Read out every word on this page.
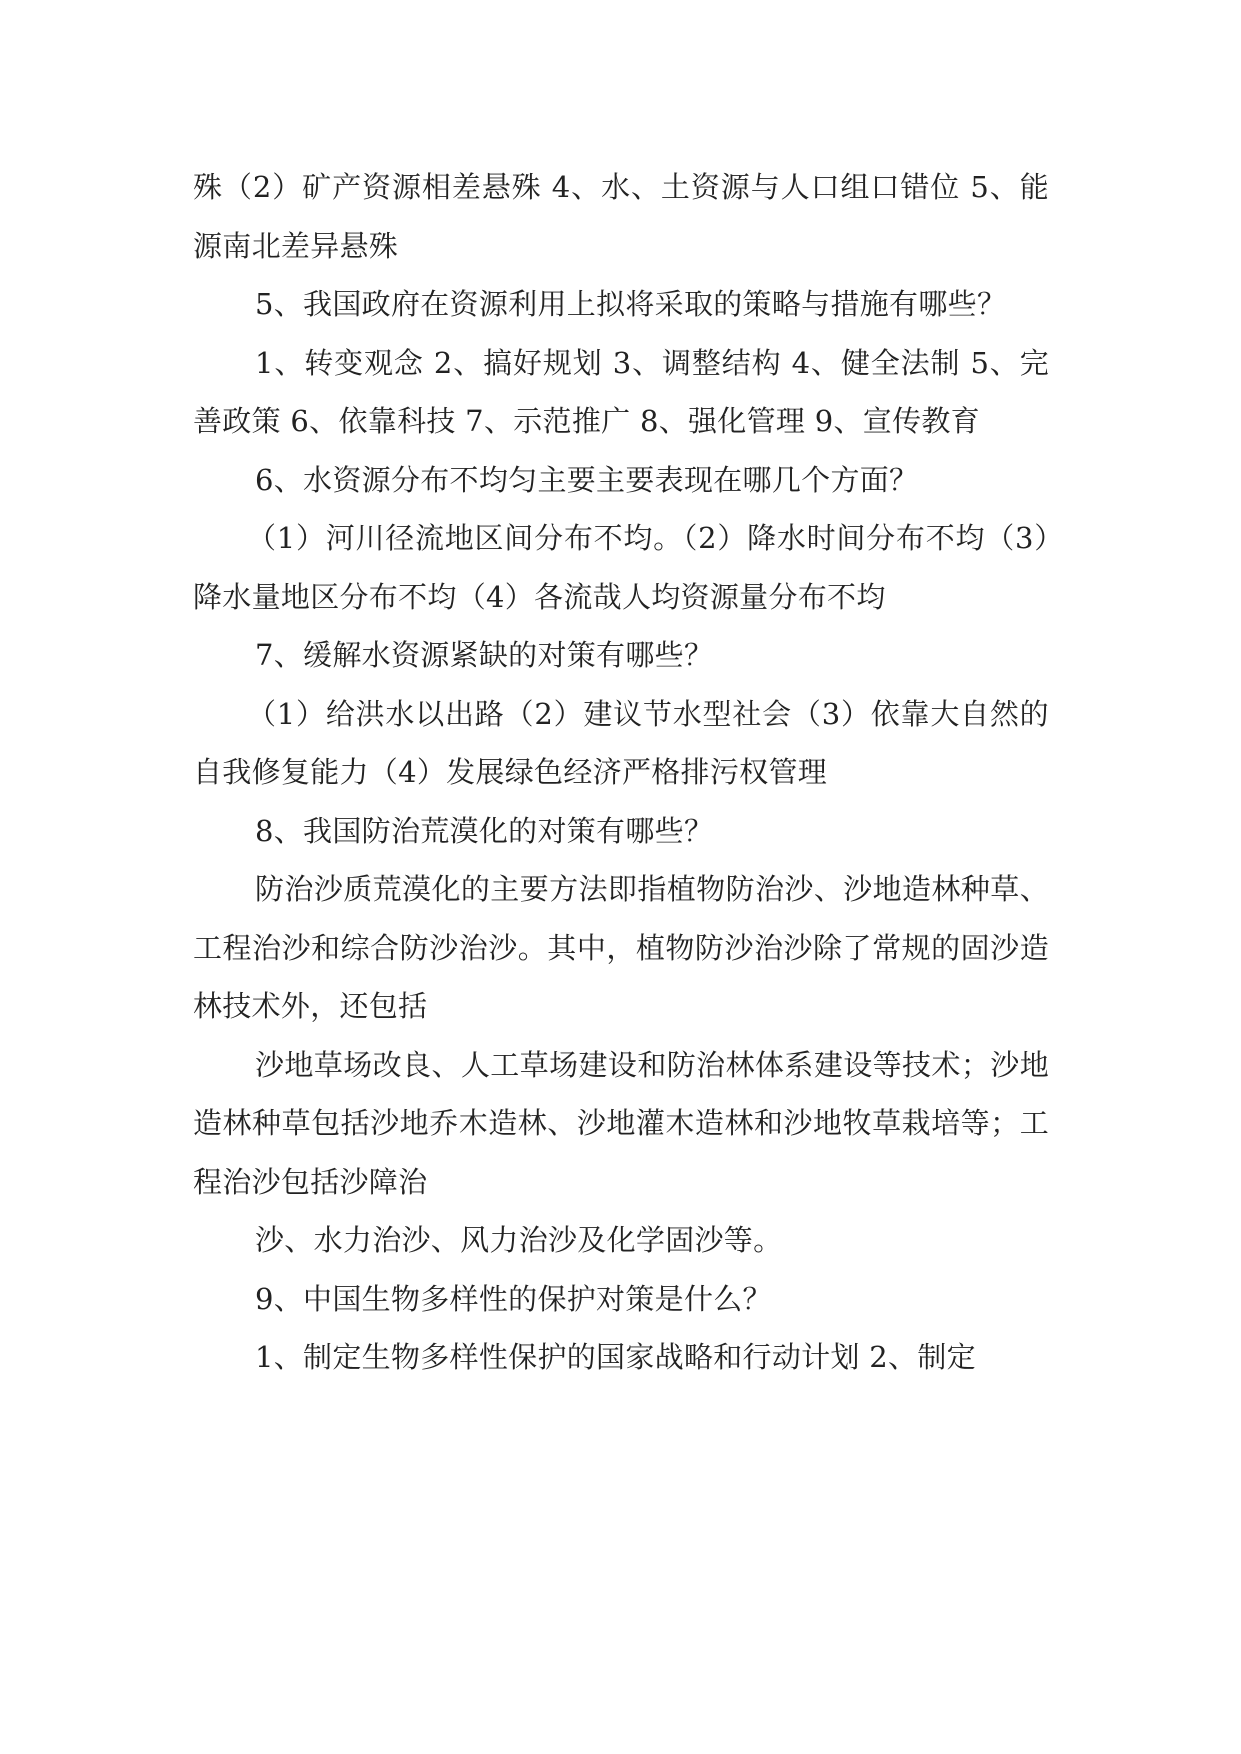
殊（2）矿产资源相差悬殊 4、水、土资源与人口组口错位 5、能源南北差异悬殊

5、我国政府在资源利用上拟将采取的策略与措施有哪些？

1、转变观念 2、搞好规划 3、调整结构 4、健全法制 5、完善政策 6、依靠科技 7、示范推广 8、强化管理 9、宣传教育

6、水资源分布不均匀主要主要表现在哪几个方面？

（1）河川径流地区间分布不均。（2）降水时间分布不均（3）降水量地区分布不均（4）各流哉人均资源量分布不均

7、缓解水资源紧缺的对策有哪些？

（1）给洪水以出路（2）建议节水型社会（3）依靠大自然的自我修复能力（4）发展绿色经济严格排污权管理

8、我国防治荒漠化的对策有哪些？

防治沙质荒漠化的主要方法即指植物防治沙、沙地造林种草、工程治沙和综合防沙治沙。其中，植物防沙治沙除了常规的固沙造林技术外，还包括

沙地草场改良、人工草场建设和防治林体系建设等技术；沙地造林种草包括沙地乔木造林、沙地灌木造林和沙地牧草栽培等；工程治沙包括沙障治

沙、水力治沙、风力治沙及化学固沙等。

9、中国生物多样性的保护对策是什么？

1、制定生物多样性保护的国家战略和行动计划 2、制定
